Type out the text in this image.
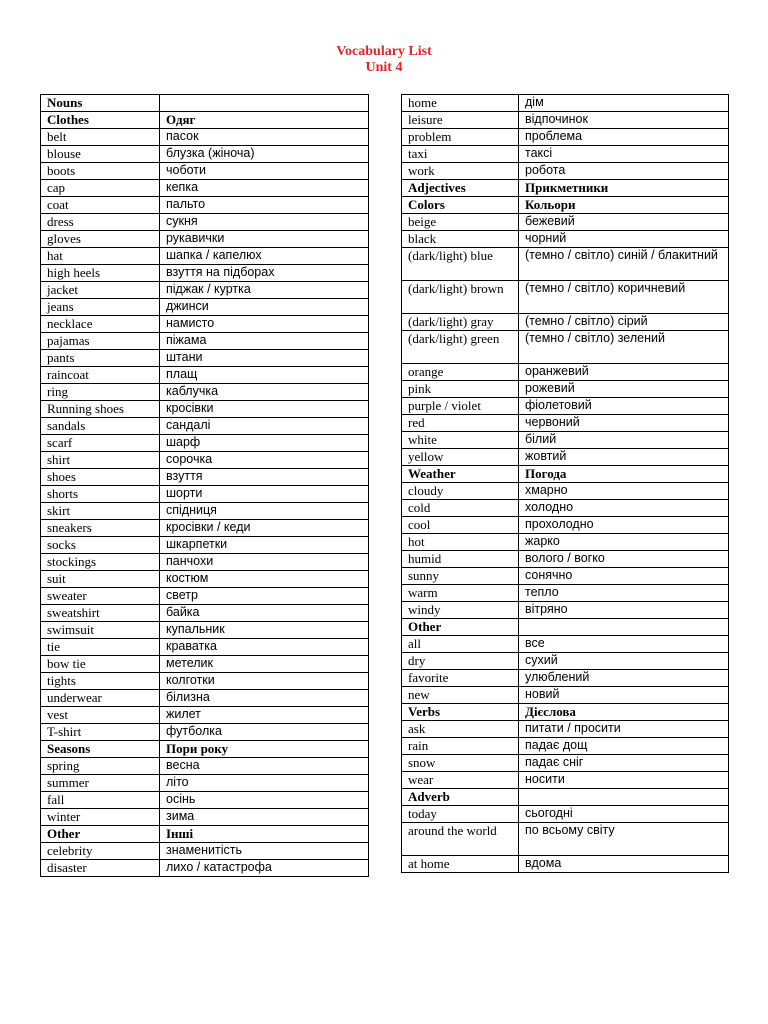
Vocabulary List
Unit 4
Nouns	
Clothes	Одяг
belt	пасок
blouse	блузка (жіноча)
boots	чоботи
cap	кепка
coat	пальто
dress	сукня
gloves	рукавички
hat	шапка / капелюх
high heels	взуття на підборах
jacket	піджак / куртка
jeans	джинси
necklace	намисто
pajamas	піжама
pants	штани
raincoat	плащ
ring	каблучка
Running shoes	кросівки
sandals	сандалі
scarf	шарф
shirt	сорочка
shoes	взуття
shorts	шорти
skirt	спідниця
sneakers	кросівки / кеди
socks	шкарпетки
stockings	панчохи
suit	костюм
sweater	светр
sweatshirt	байка
swimsuit	купальник
tie	краватка
bow tie	метелик
tights	колготки
underwear	білизна
vest	жилет
T-shirt	футболка
Seasons	Пори року
spring	весна
summer	літо
fall	осінь
winter	зима
Other	Інші
celebrity	знаменитість
disaster	лихо / катастрофа
home	дім
leisure	відпочинок
problem	проблема
taxi	таксі
work	робота
Adjectives	Прикметники
Colors	Кольори
beige	бежевий
black	чорний
(dark/light) blue	(темно / світло) синій / блакитний
(dark/light) brown	(темно / світло) коричневий
(dark/light) gray	(темно / світло) сірий
(dark/light) green	(темно / світло) зелений
orange	оранжевий
pink	рожевий
purple / violet	фіолетовий
red	червоний
white	білий
yellow	жовтий
Weather	Погода
cloudy	хмарно
cold	холодно
cool	прохолодно
hot	жарко
humid	волого / вогко
sunny	сонячно
warm	тепло
windy	вітряно
Other	
all	все
dry	сухий
favorite	улюблений
new	новий
Verbs	Дієслова
ask	питати / просити
rain	падає дощ
snow	падає сніг
wear	носити
Adverb	
today	сьогодні
around the world	по всьому світу
at home	вдома
